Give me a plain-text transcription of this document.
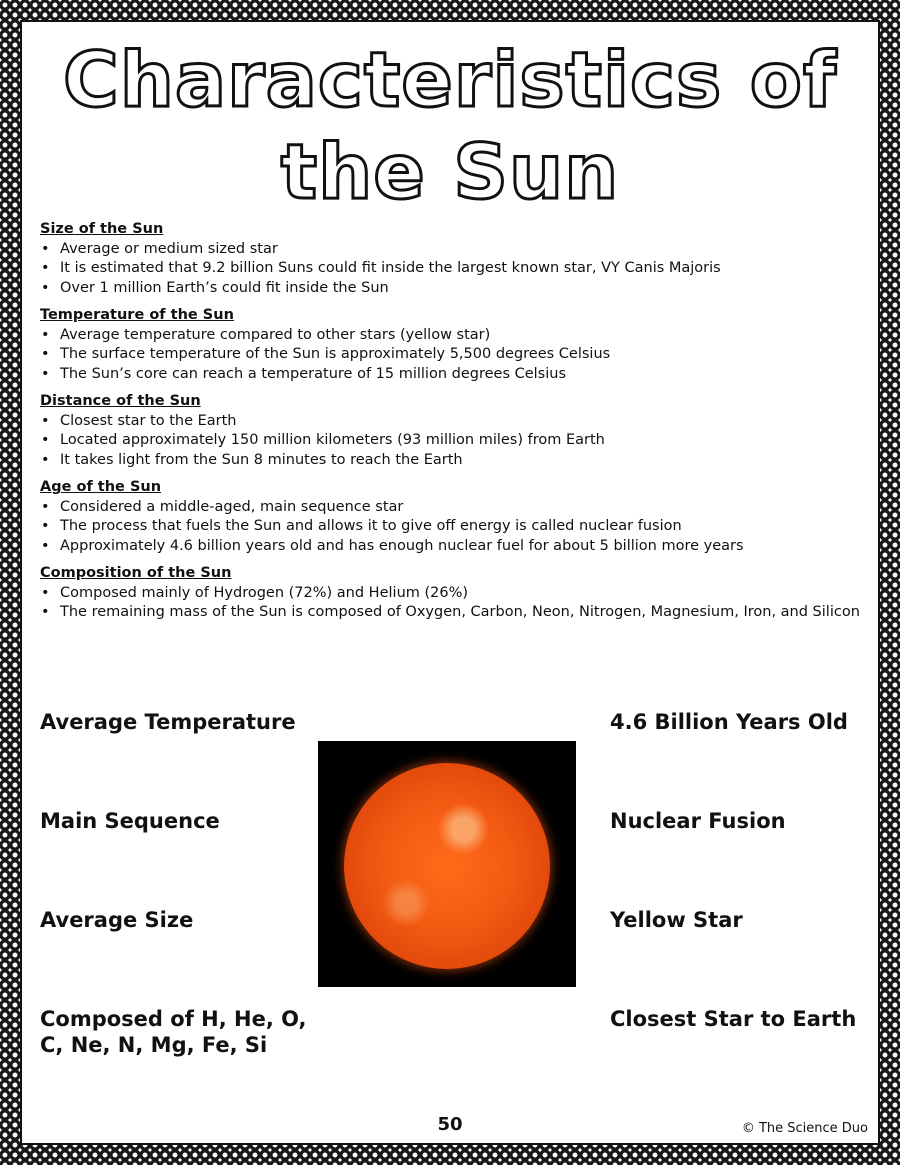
Characteristics of the Sun
Size of the Sun
• Average or medium sized star
• It is estimated that 9.2 billion Suns could fit inside the largest known star, VY Canis Majoris
• Over 1 million Earth’s could fit inside the Sun
Temperature of the Sun
• Average temperature compared to other stars (yellow star)
• The surface temperature of the Sun is approximately 5,500 degrees Celsius
• The Sun’s core can reach a temperature of 15 million degrees Celsius
Distance of the Sun
• Closest star to the Earth
• Located approximately 150 million kilometers (93 million miles) from Earth
• It takes light from the Sun 8 minutes to reach the Earth
Age of the Sun
• Considered a middle-aged, main sequence star
• The process that fuels the Sun and allows it to give off energy is called nuclear fusion
• Approximately 4.6 billion years old and has enough nuclear fuel for about 5 billion more years
Composition of the Sun
• Composed mainly of Hydrogen (72%) and Helium (26%)
• The remaining mass of the Sun is composed of Oxygen, Carbon, Neon, Nitrogen, Magnesium, Iron, and Silicon
Average Temperature
Main Sequence
Average Size
Composed of H, He, O, C, Ne, N, Mg, Fe, Si
4.6 Billion Years Old
Nuclear Fusion
Yellow Star
Closest Star to Earth
50	© The Science Duo
